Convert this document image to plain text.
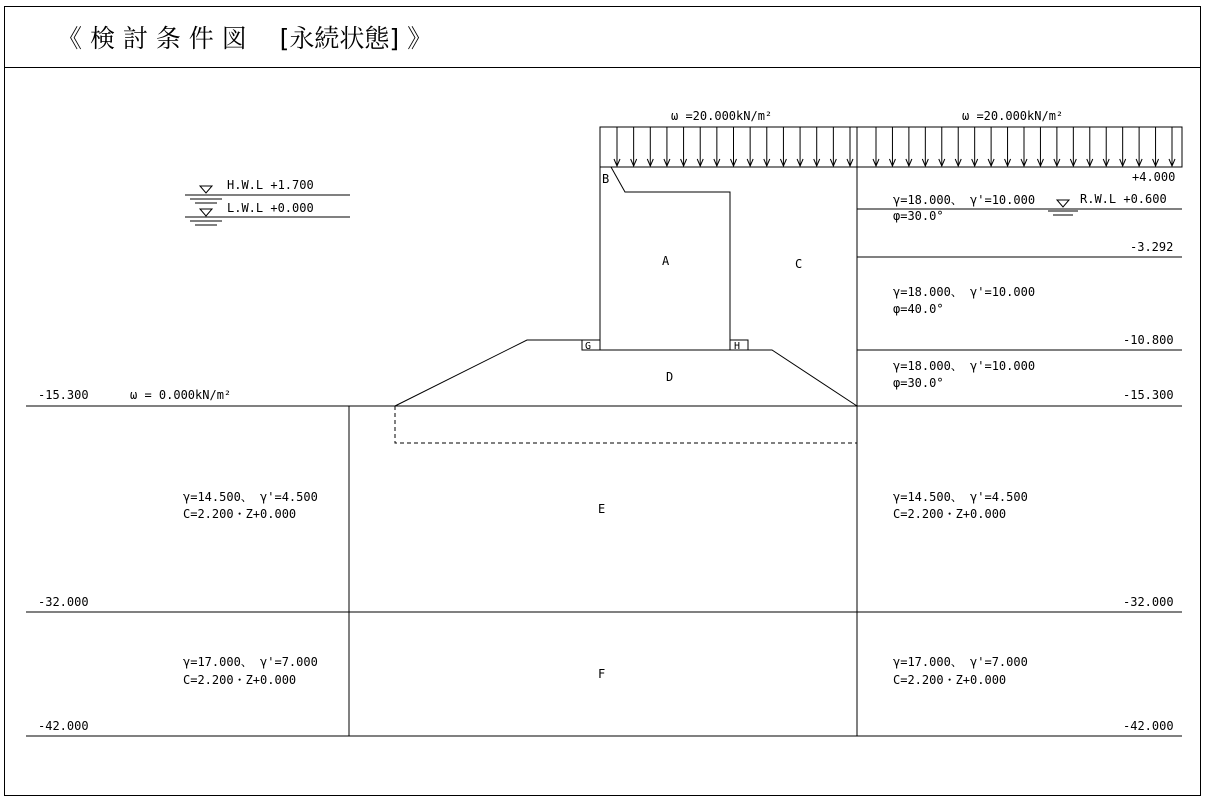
《 検 討 条 件 図 　[永続状態] 》
ω =20.000kN/m²	ω =20.000kN/m²
H.W.L +1.700
L.W.L +0.000
R.W.L +0.600
+4.000
-3.292
-10.800
-15.300	-15.300
-32.000	-32.000
-42.000	-42.000
ω = 0.000kN/m²
B
A	C
D
E
F
G	H
γ=18.000、 γ'=10.000
φ=30.0°
γ=18.000、 γ'=10.000
φ=40.0°
γ=18.000、 γ'=10.000
φ=30.0°
γ=14.500、 γ'=4.500
C=2.200・Z+0.000
γ=14.500、 γ'=4.500
C=2.200・Z+0.000
γ=17.000、 γ'=7.000
C=2.200・Z+0.000
γ=17.000、 γ'=7.000
C=2.200・Z+0.000
